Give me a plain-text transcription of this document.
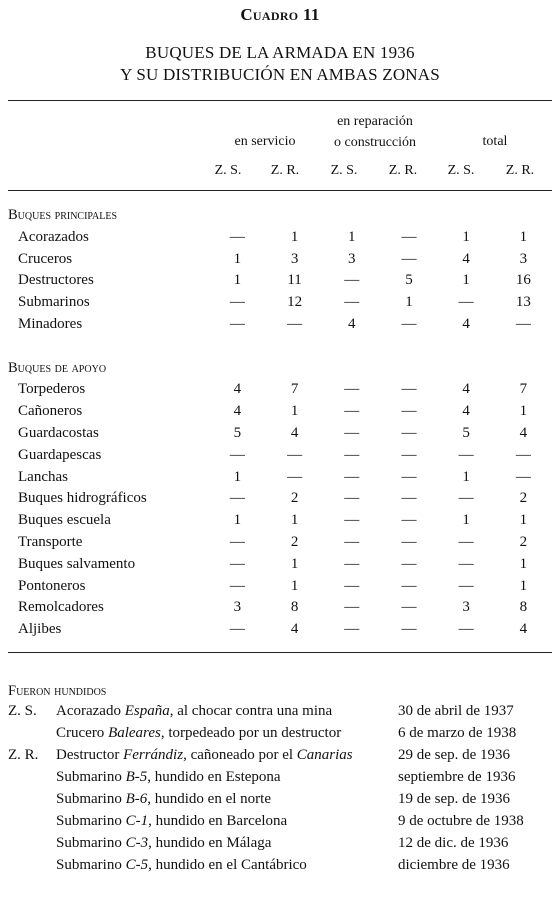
Cuadro 11
BUQUES DE LA ARMADA EN 1936
Y SU DISTRIBUCIÓN EN AMBAS ZONAS
en servicio
en reparación
o construcción	total
Z. S.	Z. R.	Z. S.	Z. R.	Z. S.	Z. R.
Buques principales						
Acorazados	—	1	1	—	1	1
Cruceros	1	3	3	—	4	3
Destructores	1	11	—	5	1	16
Submarinos	—	12	—	1	—	13
Minadores	—	—	4	—	4	—

Buques de apoyo						
Torpederos	4	7	—	—	4	7
Cañoneros	4	1	—	—	4	1
Guardacostas	5	4	—	—	5	4
Guardapescas	—	—	—	—	—	—
Lanchas	1	—	—	—	1	—
Buques hidrográficos	—	2	—	—	—	2
Buques escuela	1	1	—	—	1	1
Transporte	—	2	—	—	—	2
Buques salvamento	—	1	—	—	—	1
Pontoneros	—	1	—	—	—	1
Remolcadores	3	8	—	—	3	8
Aljibes	—	4	—	—	—	4
Fueron hundidos
Z. S.	Acorazado España, al chocar contra una mina	30 de abril de 1937
	Crucero Baleares, torpedeado por un destructor	6 de marzo de 1938
Z. R.	Destructor Ferrándiz, cañoneado por el Canarias	29 de sep. de 1936
	Submarino B-5, hundido en Estepona	septiembre de 1936
	Submarino B-6, hundido en el norte	19 de sep. de 1936
	Submarino C-1, hundido en Barcelona	9 de octubre de 1938
	Submarino C-3, hundido en Málaga	12 de dic. de 1936
	Submarino C-5, hundido en el Cantábrico	diciembre de 1936
